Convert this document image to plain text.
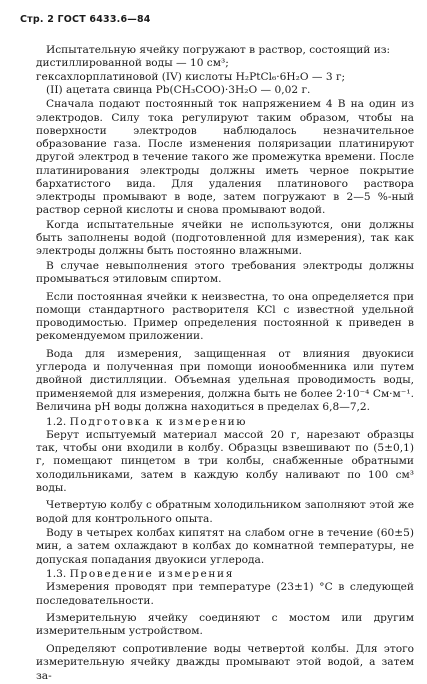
Стр. 2 ГОСТ 6433.6—84
Испытательную ячейку погружают в раствор, состоящий из:
дистиллированной воды — 10 см³;
гексахлорплатиновой (IV) кислоты H₂PtCl₆·6H₂O — 3 г;
(II) ацетата свинца Pb(CH₃COO)·3H₂O — 0,02 г.

Сначала подают постоянный ток напряжением 4 В на один из электродов. Силу тока регулируют таким образом, чтобы на поверхности электродов наблюдалось незначительное образование газа. После изменения поляризации платинируют другой электрод в течение такого же промежутка времени. После платинирования электроды должны иметь черное покрытие бархатистого вида. Для удаления платинового раствора электроды промывают в воде, затем погружают в 2—5 %-ный раствор серной кислоты и снова промывают водой.

Когда испытательные ячейки не используются, они должны быть заполнены водой (подготовленной для измерения), так как электроды должны быть постоянно влажными.

В случае невыполнения этого требования электроды должны промываться этиловым спиртом.

Если постоянная ячейки κ неизвестна, то она определяется при помощи стандартного растворителя KCl с известной удельной проводимостью. Пример определения постоянной κ приведен в рекомендуемом приложении.

Вода для измерения, защищенная от влияния двуокиси углерода и полученная при помощи ионообменника или путем двойной дистилляции. Объемная удельная проводимость воды, применяемой для измерения, должна быть не более 2·10⁻⁴ См·м⁻¹. Величина pH воды должна находиться в пределах 6,8—7,2.

1.2. Подготовка к измерению

Берут испытуемый материал массой 20 г, нарезают образцы так, чтобы они входили в колбу. Образцы взвешивают по (5±0,1) г, помещают пинцетом в три колбы, снабженные обратными холодильниками, затем в каждую колбу наливают по 100 см³ воды.

Четвертую колбу с обратным холодильником заполняют этой же водой для контрольного опыта.

Воду в четырех колбах кипятят на слабом огне в течение (60±5) мин, а затем охлаждают в колбах до комнатной температуры, не допуская попадания двуокиси углерода.

1.3. Проведение измерения

Измерения проводят при температуре (23±1) °C в следующей последовательности.

Измерительную ячейку соединяют с мостом или другим измерительным устройством.

Определяют сопротивление воды четвертой колбы. Для этого измерительную ячейку дважды промывают этой водой, а затем за-
